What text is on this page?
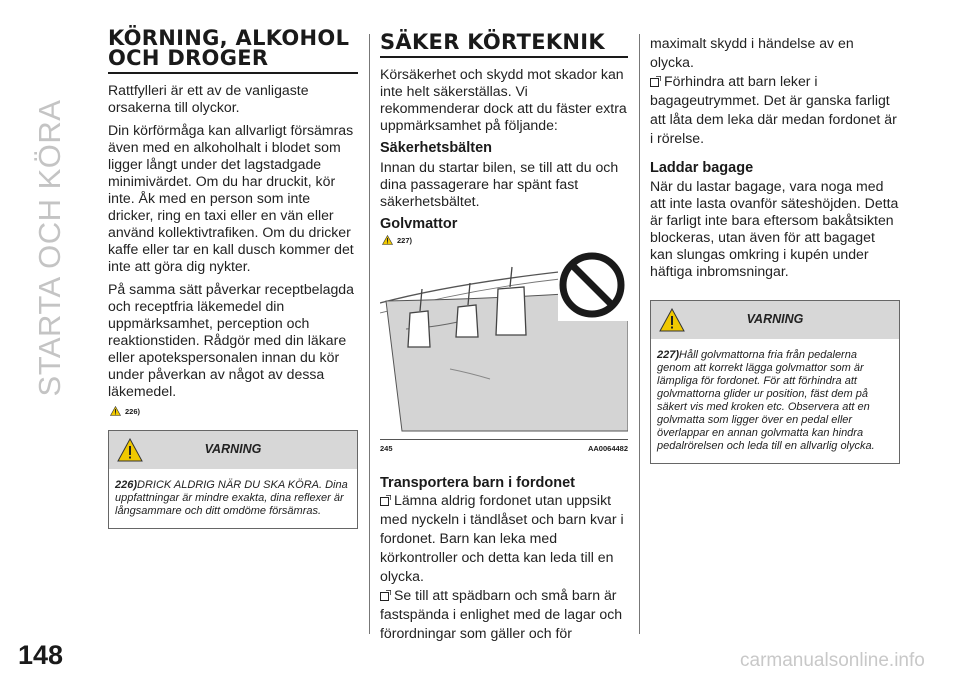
STARTA OCH KÖRA
148	carmanualsonline.info
KÖRNING, ALKOHOL
OCH DROGER

Rattfylleri är ett av de vanligaste orsakerna till olyckor.

Din körförmåga kan allvarligt försämras även med en alkoholhalt i blodet som ligger långt under det lagstadgade minimivärdet. Om du har druckit, kör inte. Åk med en person som inte dricker, ring en taxi eller en vän eller använd kollektivtrafiken. Om du dricker kaffe eller tar en kall dusch kommer det inte att göra dig nykter.

På samma sätt påverkar receptbelagda och receptfria läkemedel din uppmärksamhet, perception och reaktionstiden. Rådgör med din läkare eller apotekspersonalen innan du kör under påverkan av något av dessa läkemedel.

226)
VARNING
226)DRICK ALDRIG NÄR DU SKA KÖRA. Dina uppfattningar är mindre exakta, dina reflexer är långsammare och ditt omdöme försämras.
SÄKER KÖRTEKNIK

Körsäkerhet och skydd mot skador kan inte helt säkerställas. Vi rekommenderar dock att du fäster extra uppmärksamhet på följande:

Säkerhetsbälten

Innan du startar bilen, se till att du och dina passagerare har spänt fast säkerhetsbältet.

Golvmattor
227)
245	AA0064482
Transportera barn i fordonet

Lämna aldrig fordonet utan uppsikt med nyckeln i tändlåset och barn kvar i fordonet. Barn kan leka med körkontroller och detta kan leda till en olycka.

Se till att spädbarn och små barn är fastspända i enlighet med de lagar och förordningar som gäller och för

maximalt skydd i händelse av en olycka.

Förhindra att barn leker i bagageutrymmet. Det är ganska farligt att låta dem leka där medan fordonet är i rörelse.

Laddar bagage

När du lastar bagage, vara noga med att inte lasta ovanför säteshöjden. Detta är farligt inte bara eftersom bakåtsikten blockeras, utan även för att bagaget kan slungas omkring i kupén under häftiga inbromsningar.

VARNING
227)Håll golvmattorna fria från pedalerna genom att korrekt lägga golvmattor som är lämpliga för fordonet. För att förhindra att golvmattorna glider ur position, fäst dem på säkert vis med kroken etc. Observera att en golvmatta som ligger över en pedal eller överlappar en annan golvmatta kan hindra pedalrörelsen och leda till en allvarlig olycka.
